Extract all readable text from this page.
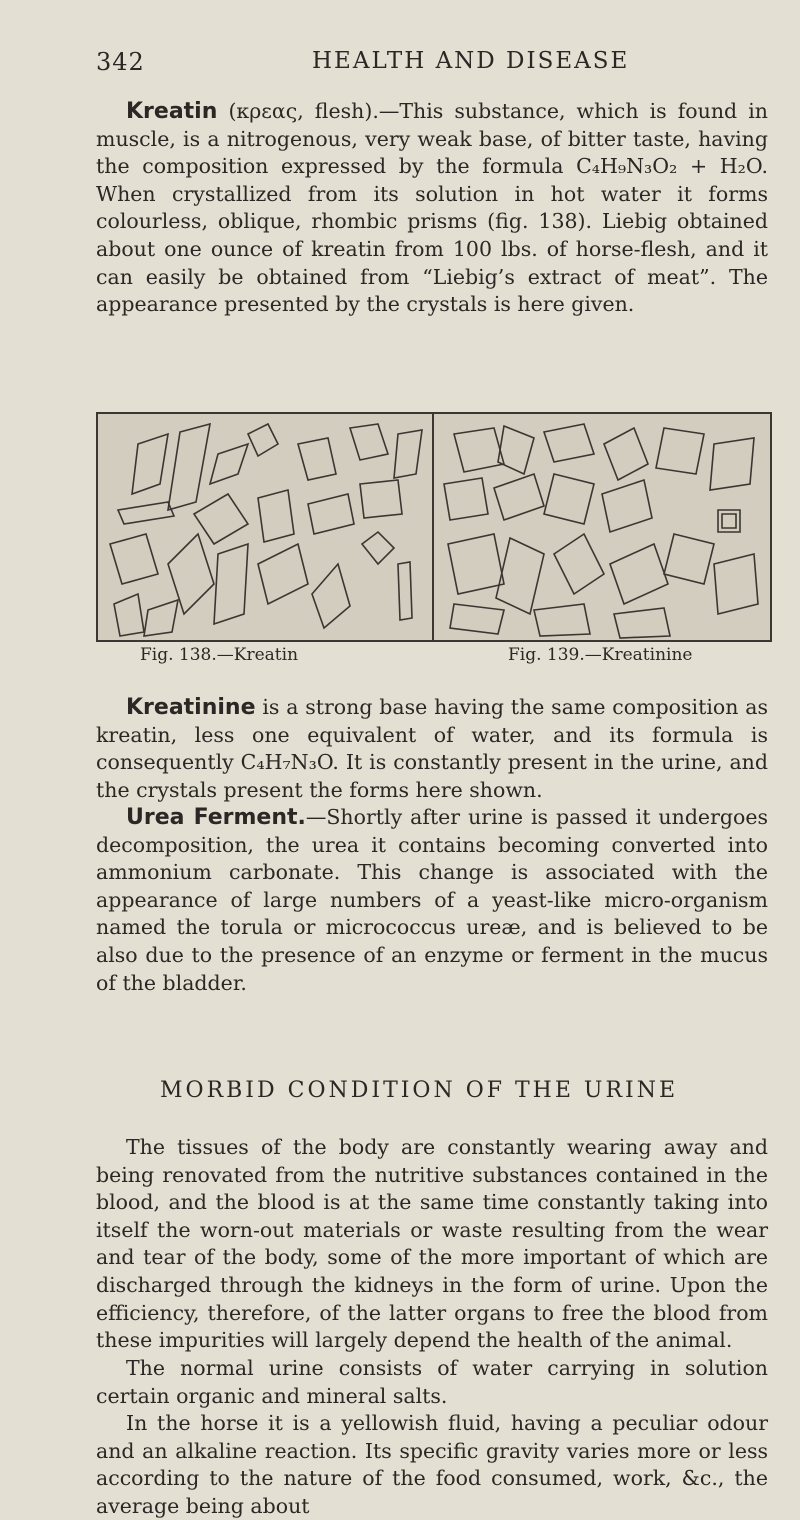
342	HEALTH AND DISEASE

Kreatin (κρεας, flesh).—This substance, which is found in muscle, is a nitrogenous, very weak base, of bitter taste, having the composition expressed by the formula C₄H₉N₃O₂ + H₂O. When crystallized from its solution in hot water it forms colourless, oblique, rhombic prisms (fig. 138). Liebig obtained about one ounce of kreatin from 100 lbs. of horse-flesh, and it can easily be obtained from “Liebig’s extract of meat”. The appearance presented by the crystals is here given.

Fig. 138.—Kreatin	Fig. 139.—Kreatinine

Kreatinine is a strong base having the same composition as kreatin, less one equivalent of water, and its formula is consequently C₄H₇N₃O. It is constantly present in the urine, and the crystals present the forms here shown.

Urea Ferment.—Shortly after urine is passed it undergoes decomposition, the urea it contains becoming converted into ammonium carbonate. This change is associated with the appearance of large numbers of a yeast-like micro-organism named the torula or micrococcus ureæ, and is believed to be also due to the presence of an enzyme or ferment in the mucus of the bladder.

MORBID CONDITION OF THE URINE

The tissues of the body are constantly wearing away and being renovated from the nutritive substances contained in the blood, and the blood is at the same time constantly taking into itself the worn-out materials or waste resulting from the wear and tear of the body, some of the more important of which are discharged through the kidneys in the form of urine. Upon the efficiency, therefore, of the latter organs to free the blood from these impurities will largely depend the health of the animal.

The normal urine consists of water carrying in solution certain organic and mineral salts.

In the horse it is a yellowish fluid, having a peculiar odour and an alkaline reaction. Its specific gravity varies more or less according to the nature of the food consumed, work, &c., the average being about
